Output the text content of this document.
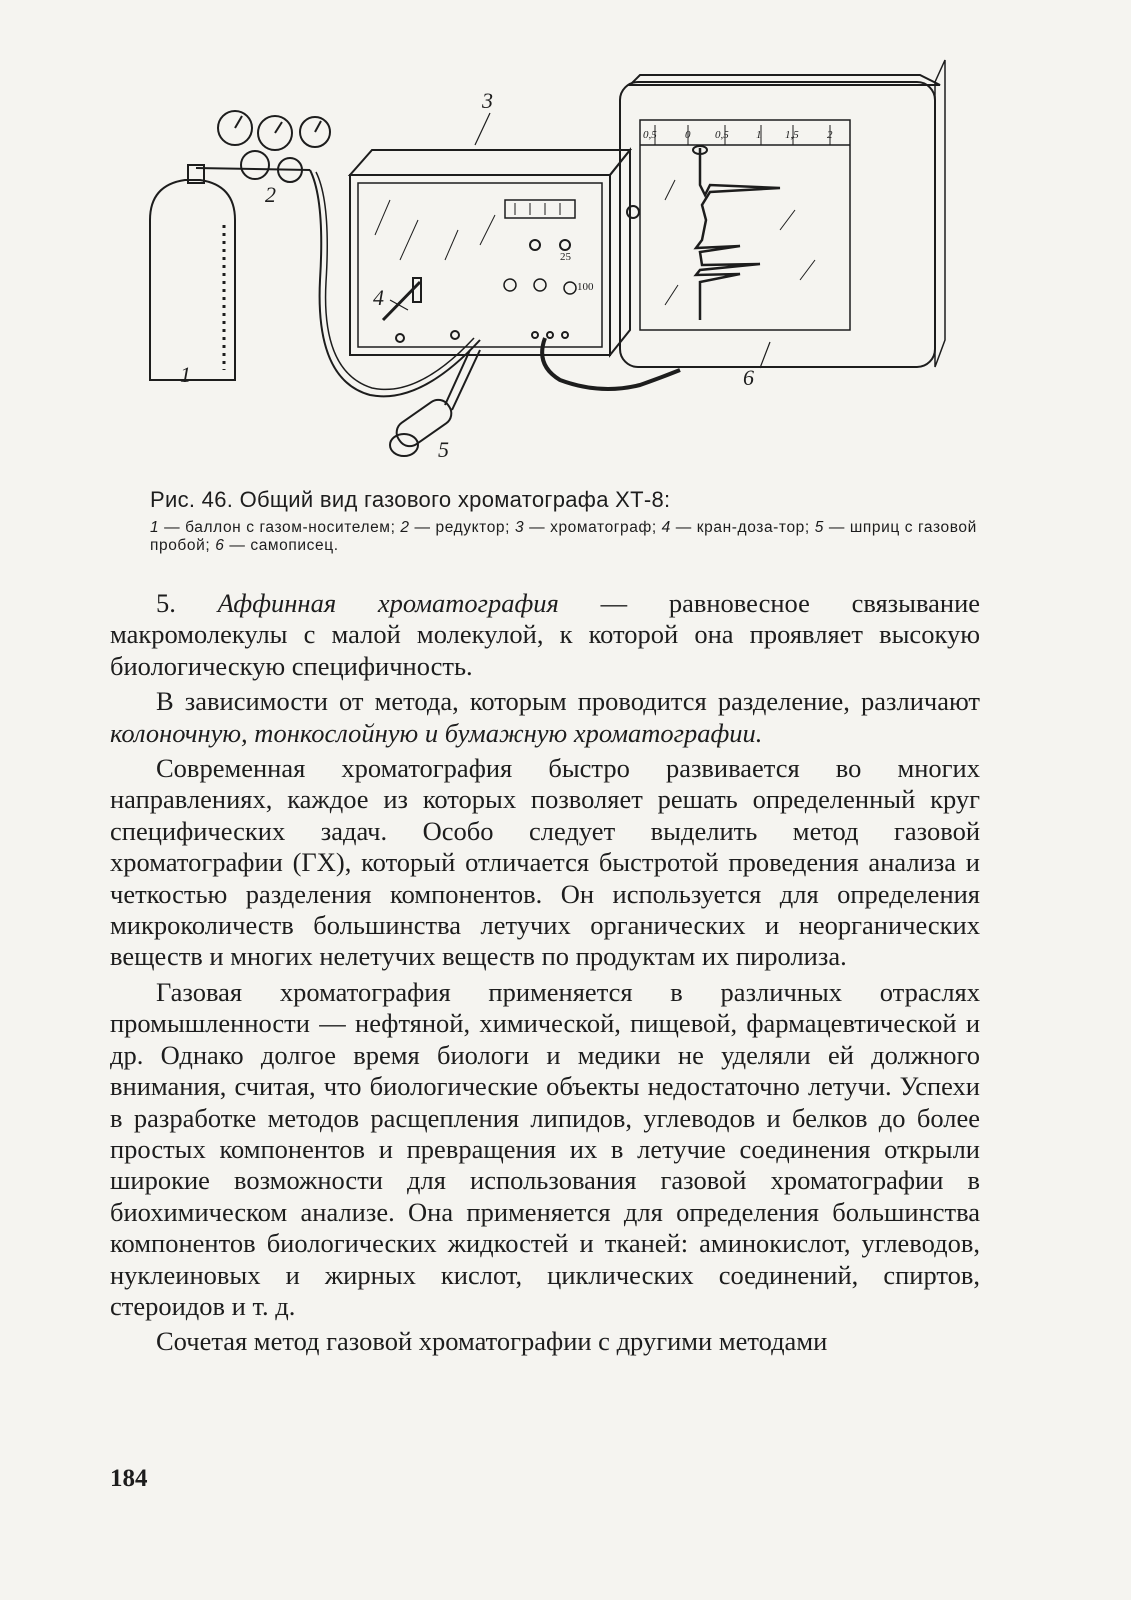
25
100
0,5	0 0,5 1 1,5	2
1
2
3
4
5
6
Рис. 46. Общий вид газового хроматографа ХТ-8:
1 — баллон с газом-носителем; 2 — редуктор; 3 — хроматограф; 4 — кран-доза-тор; 5 — шприц с газовой пробой; 6 — самописец.

5. Аффинная хроматография — равновесное связывание макромолекулы с малой молекулой, к которой она проявляет высокую биологическую специфичность.

В зависимости от метода, которым проводится разделение, различают колоночную, тонкослойную и бумажную хроматографии.

Современная хроматография быстро развивается во многих направлениях, каждое из которых позволяет решать определенный круг специфических задач. Особо следует выделить метод газовой хроматографии (ГХ), который отличается быстротой проведения анализа и четкостью разделения компонентов. Он используется для определения микроколичеств большинства летучих органических и неорганических веществ и многих нелетучих веществ по продуктам их пиролиза.

Газовая хроматография применяется в различных отраслях промышленности — нефтяной, химической, пищевой, фармацевтической и др. Однако долгое время биологи и медики не уделяли ей должного внимания, считая, что биологические объекты недостаточно летучи. Успехи в разработке методов расщепления липидов, углеводов и белков до более простых компонентов и превращения их в летучие соединения открыли широкие возможности для использования газовой хроматографии в биохимическом анализе. Она применяется для определения большинства компонентов биологических жидкостей и тканей: аминокислот, углеводов, нуклеиновых и жирных кислот, циклических соединений, спиртов, стероидов и т. д.

Сочетая метод газовой хроматографии с другими методами

184
